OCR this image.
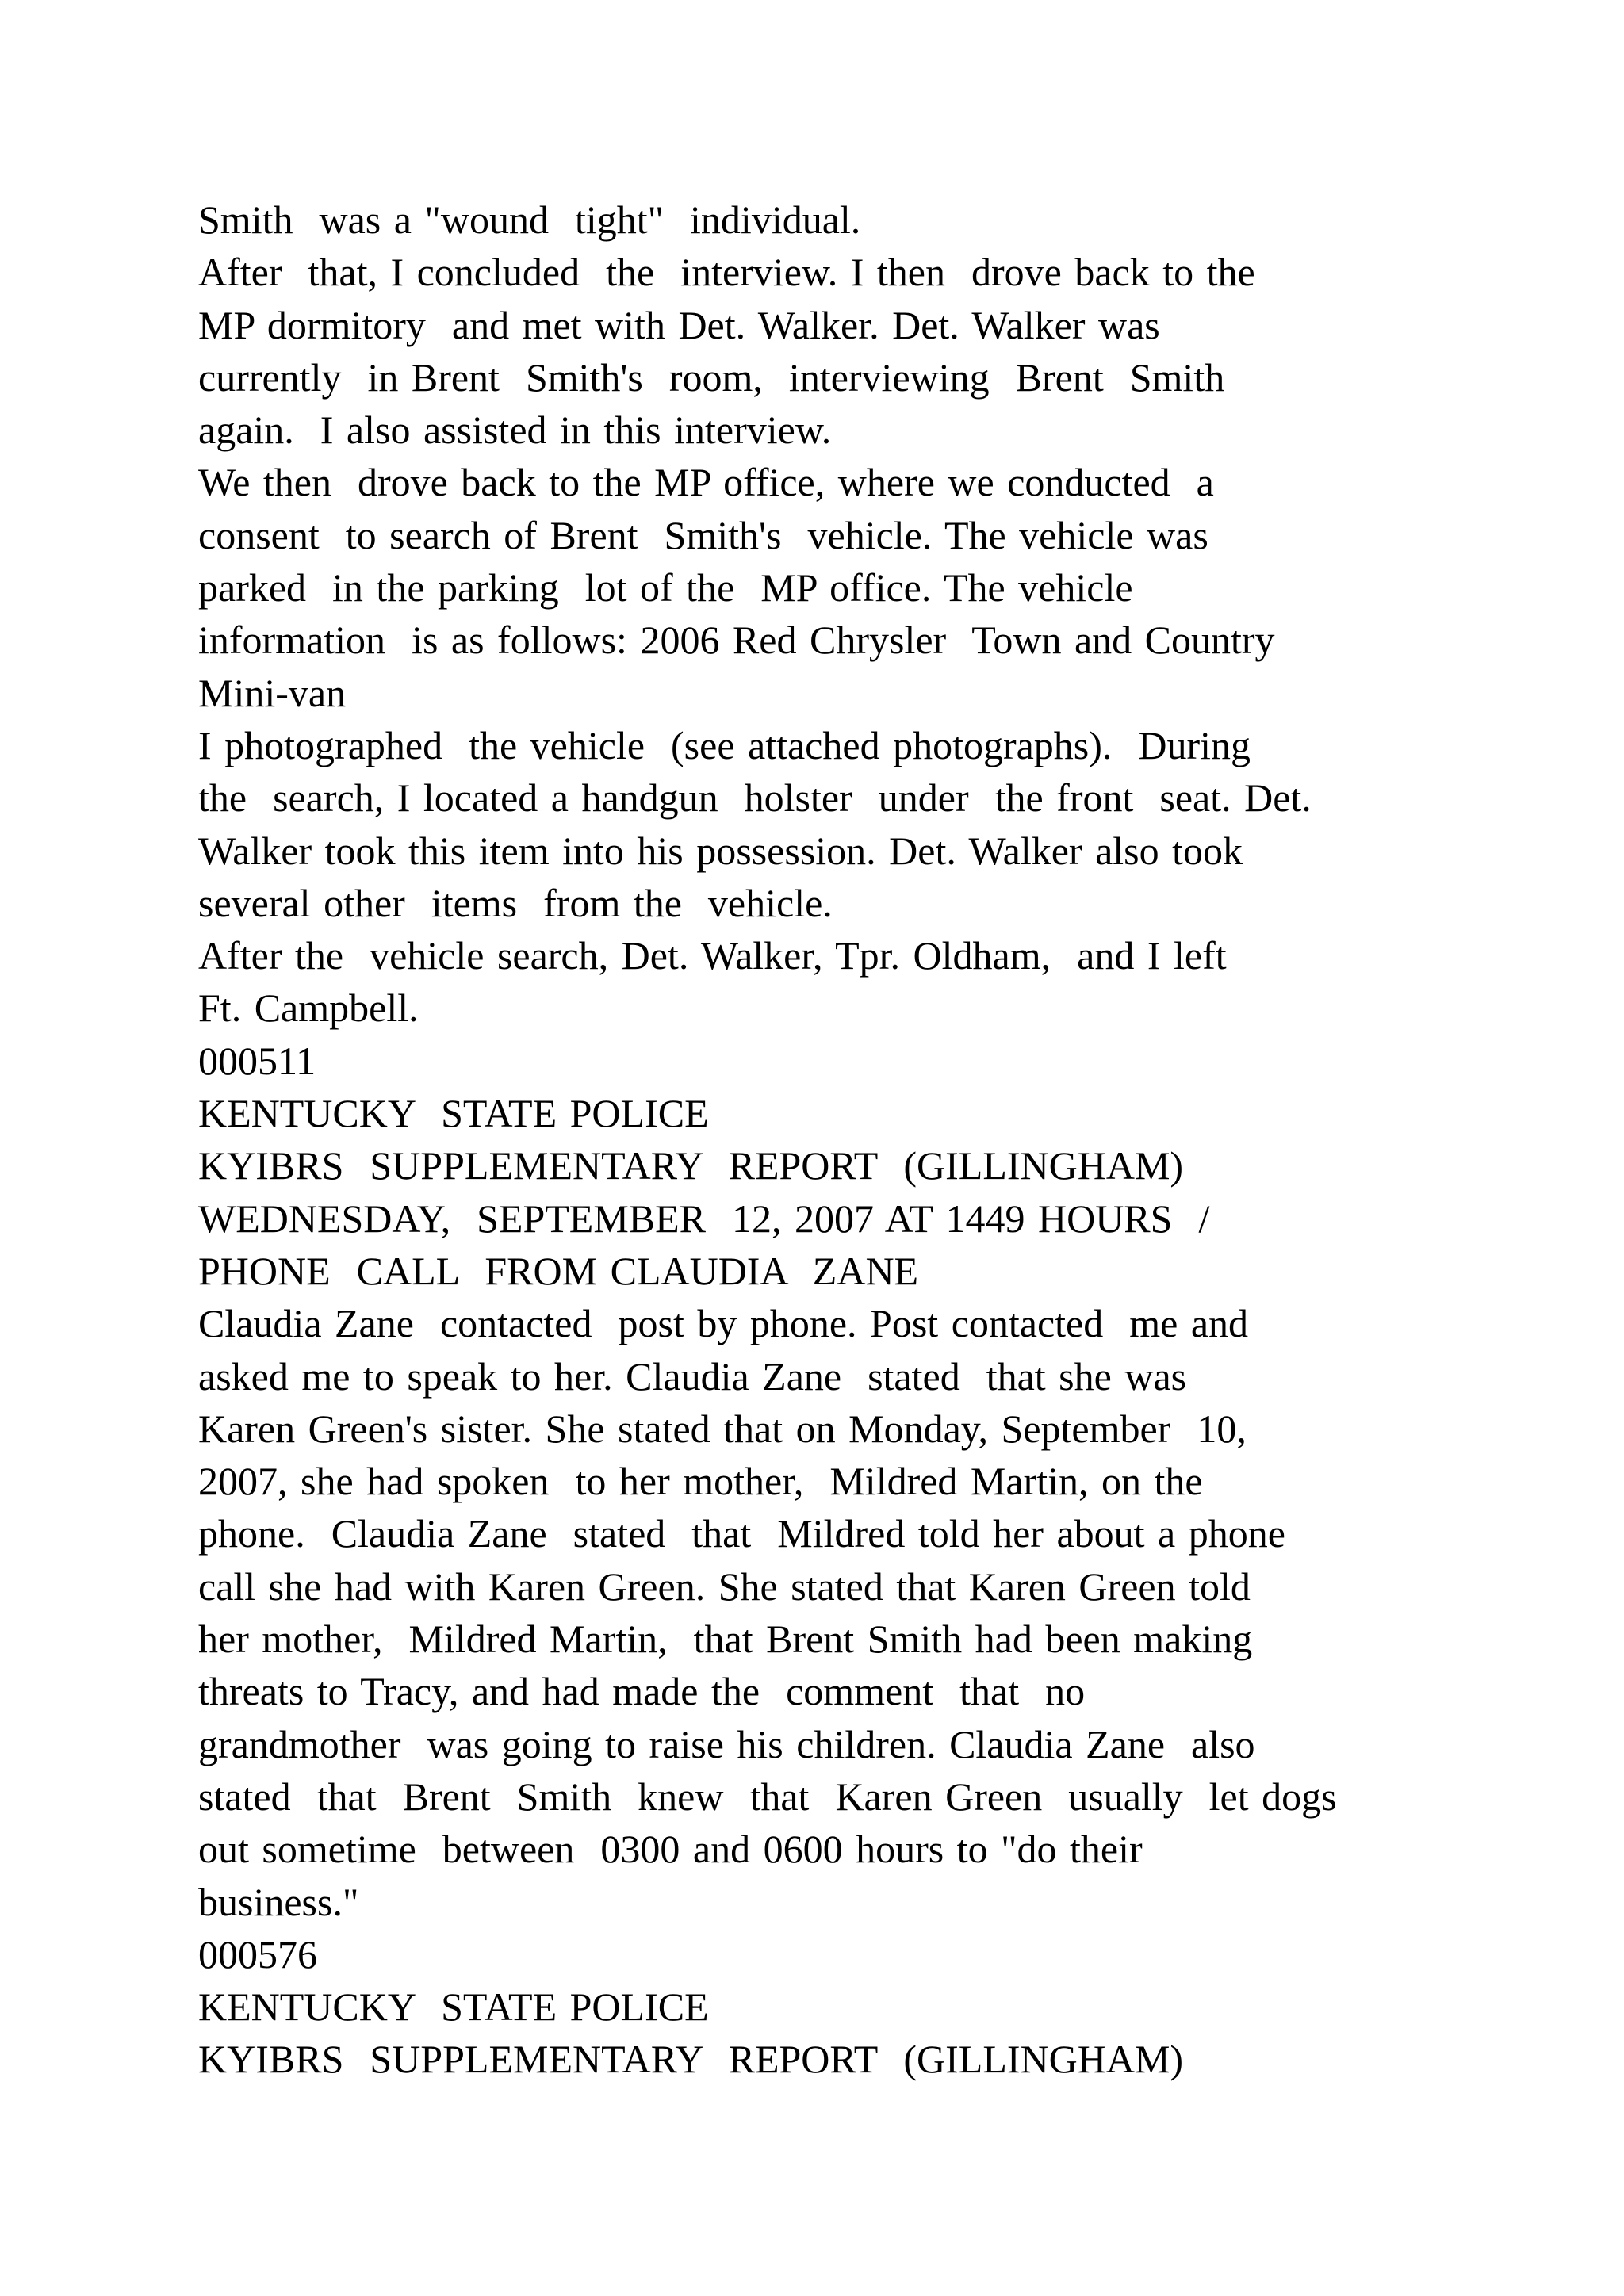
Smith  was a "wound  tight"  individual.
After  that, I concluded  the  interview. I then  drove back to the
MP dormitory  and met with Det. Walker. Det. Walker was
currently  in Brent  Smith's  room,  interviewing  Brent  Smith
again.  I also assisted in this interview.
We then  drove back to the MP office, where we conducted  a
consent  to search of Brent  Smith's  vehicle. The vehicle was
parked  in the parking  lot of the  MP office. The vehicle
information  is as follows: 2006 Red Chrysler  Town and Country
Mini-van
I photographed  the vehicle  (see attached photographs).  During
the  search, I located a handgun  holster  under  the front  seat. Det.
Walker took this item into his possession. Det. Walker also took
several other  items  from the  vehicle.
After the  vehicle search, Det. Walker, Tpr. Oldham,  and I left
Ft. Campbell.
000511
KENTUCKY  STATE POLICE
KYIBRS  SUPPLEMENTARY  REPORT  (GILLINGHAM)
WEDNESDAY,  SEPTEMBER  12, 2007 AT 1449 HOURS  /
PHONE  CALL  FROM CLAUDIA  ZANE
Claudia Zane  contacted  post by phone. Post contacted  me and
asked me to speak to her. Claudia Zane  stated  that she was
Karen Green's sister. She stated that on Monday, September  10,
2007, she had spoken  to her mother,  Mildred Martin, on the
phone.  Claudia Zane  stated  that  Mildred told her about a phone
call she had with Karen Green. She stated that Karen Green told
her mother,  Mildred Martin,  that Brent Smith had been making
threats to Tracy, and had made the  comment  that  no
grandmother  was going to raise his children. Claudia Zane  also
stated  that  Brent  Smith  knew  that  Karen Green  usually  let dogs
out sometime  between  0300 and 0600 hours to "do their
business."
000576
KENTUCKY  STATE POLICE
KYIBRS  SUPPLEMENTARY  REPORT  (GILLINGHAM)
